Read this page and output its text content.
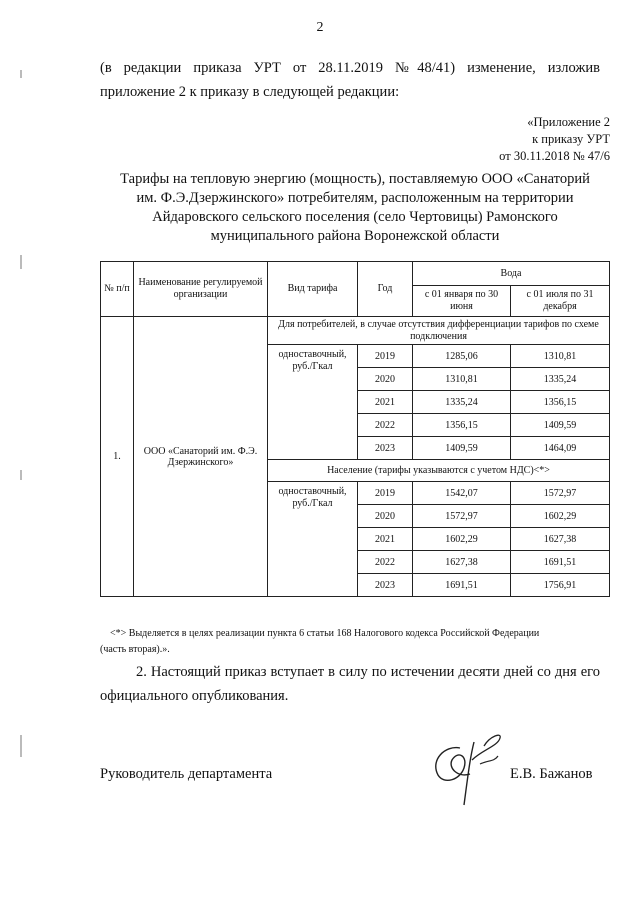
2

(в редакции приказа УРТ от 28.11.2019 №48/41) изменение, изложив

приложение 2 к приказу в следующей редакции:

«Приложение 2
к приказу УРТ
от 30.11.2018 № 47/6
Тарифы на тепловую энергию (мощность), поставляемую ООО «Санаторий
им. Ф.Э.Дзержинского» потребителям, расположенным на территории
Айдаровского сельского поселения (село Чертовицы) Рамонского
муниципального района Воронежской области
№ п/п	Наименование регулируемой организации	Вид тарифа	Год	Вода	
				с 01 января по 30 июня	с 01 июля по 31 декабря
1.	ООО «Санаторий им. Ф.Э. Дзержинского»	Для потребителей, в случае отсутствия дифференциации тарифов по схеме подключения			
		одноставочный, руб./Гкал	2019	1285,06	1310,81
			2020	1310,81	1335,24
			2021	1335,24	1356,15
			2022	1356,15	1409,59
			2023	1409,59	1464,09
		Население (тарифы указываются с учетом НДС)<*>			
		одноставочный, руб./Гкал	2019	1542,07	1572,97
			2020	1572,97	1602,29
			2021	1602,29	1627,38
			2022	1627,38	1691,51
			2023	1691,51	1756,91

<*> Выделяется в целях реализации пункта 6 статьи 168 Налогового кодекса Российской Федерации

(часть вторая).».

2. Настоящий приказ вступает в силу по истечении десяти дней со дня его официального опубликования.

Руководитель департамента	Е.В. Бажанов
